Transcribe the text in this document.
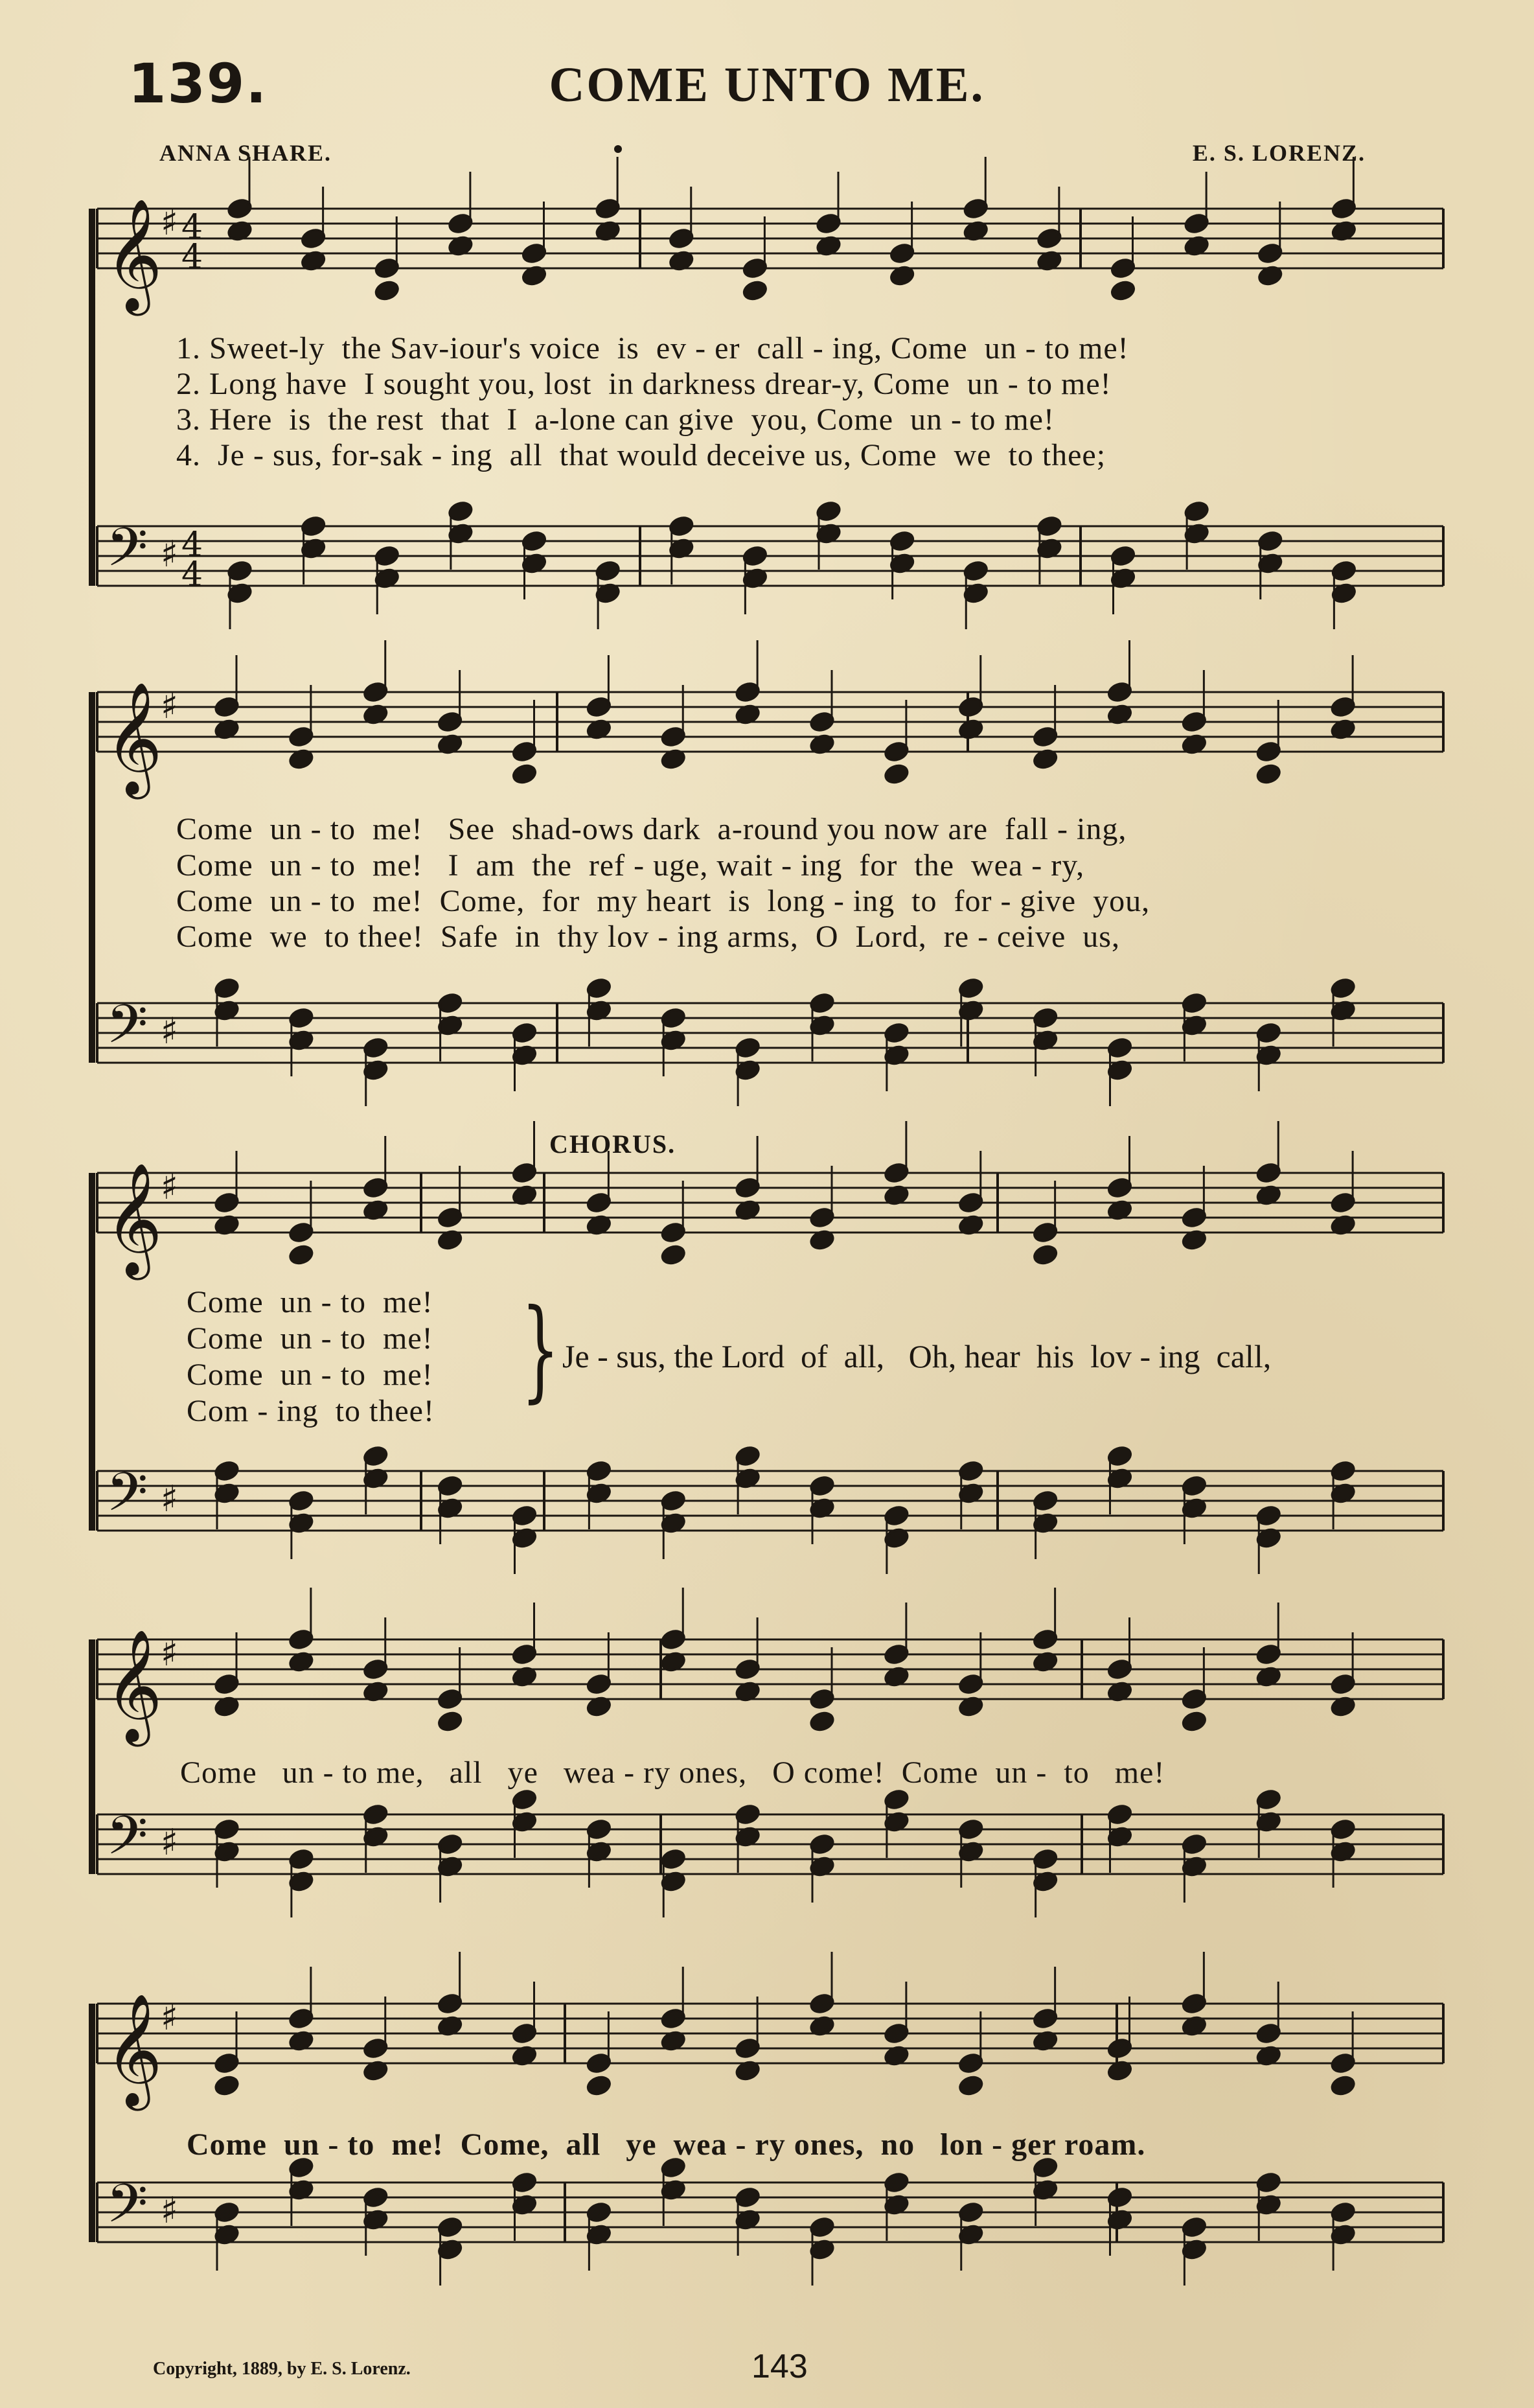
139.	COME UNTO ME.
ANNA SHARE.	E. S. LORENZ.
𝄞
♯ 4
4
𝄢 ♯ 4
4
𝄞
♯
𝄢 ♯
𝄞
♯
𝄢 ♯
𝄞
♯
𝄢 ♯
𝄞
♯
𝄢 ♯
1. Sweet-ly  the Sav-iour's voice  is  ev - er  call - ing, Come  un - to me!
2. Long have  I sought you, lost  in darkness drear-y, Come  un - to me!
3. Here  is  the rest  that  I  a-lone can give  you, Come  un - to me!
4.  Je - sus, for-sak - ing  all  that would deceive us, Come  we  to thee;
Come  un - to  me!   See  shad-ows dark  a-round you now are  fall - ing,
Come  un - to  me!   I  am  the  ref - uge, wait - ing  for  the  wea - ry,
Come  un - to  me!  Come,  for  my heart  is  long - ing  to  for - give  you,
Come  we  to thee!  Safe  in  thy lov - ing arms,  O  Lord,  re - ceive  us,
CHORUS.
Come  un - to  me!
Come  un - to  me!
Come  un - to  me!
Com - ing  to thee! } Je - sus, the Lord  of  all,   Oh, hear  his  lov - ing  call,
Come   un - to me,   all   ye   wea - ry ones,   O come!  Come  un -  to   me!
Come  un - to  me!  Come,  all   ye  wea - ry ones,  no   lon - ger roam.
Copyright, 1889, by E. S. Lorenz.	143
